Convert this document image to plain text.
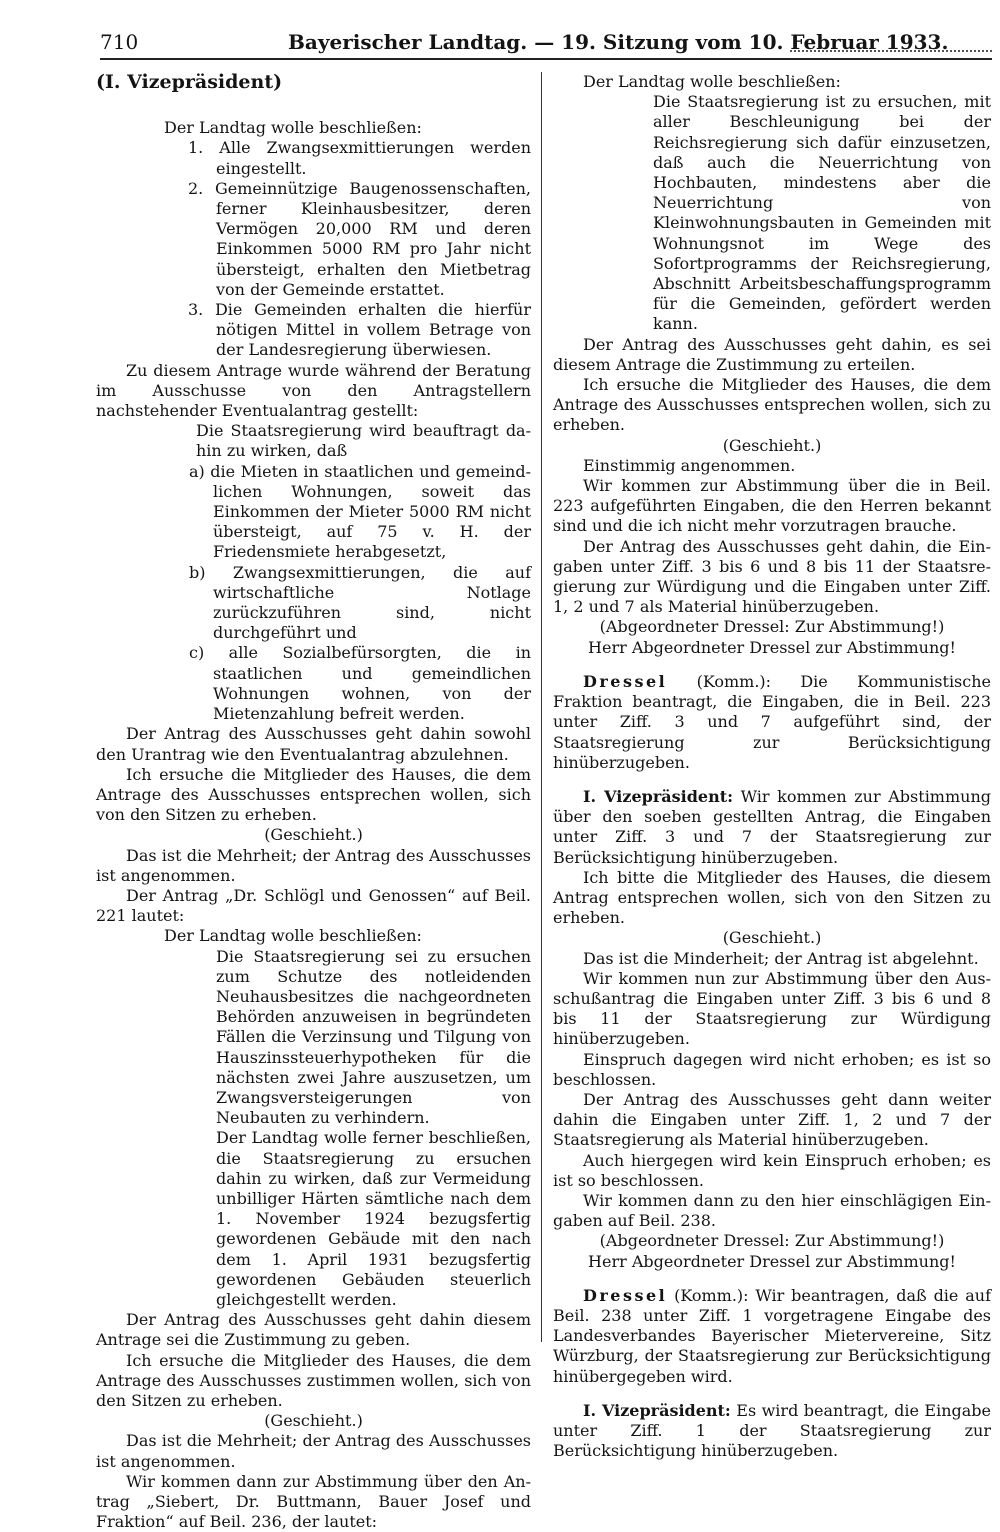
710	Bayerischer Landtag. — 19. Sitzung vom 10. Februar 1933.

(I. Vizepräsident)

Der Landtag wolle beschließen:

1. Alle Zwangsexmittierungen werden eingestellt.

2. Gemeinnützige Baugenossenschaften, ferner Kleinhausbesitzer, deren Vermögen 20,000 RM und deren Einkommen 5000 RM pro Jahr nicht übersteigt, erhalten den Mietbetrag von der Gemeinde erstattet.

3. Die Gemeinden erhalten die hierfür nötigen Mittel in vollem Betrage von der Landesregierung überwiesen.

Zu diesem Antrage wurde während der Beratung im Ausschusse von den Antragstellern nachstehender Eventualantrag gestellt:

Die Staatsregierung wird beauftragt dahin zu wirken, daß

a) die Mieten in staatlichen und gemeindlichen Wohnungen, soweit das Einkommen der Mieter 5000 RM nicht übersteigt, auf 75 v. H. der Friedensmiete herabgesetzt,

b) Zwangsexmittierungen, die auf wirtschaftliche Notlage zurückzuführen sind, nicht durchgeführt und

c) alle Sozialbefürsorgten, die in staatlichen und gemeindlichen Wohnungen wohnen, von der Mietenzahlung befreit werden.

Der Antrag des Ausschusses geht dahin sowohl den Urantrag wie den Eventualantrag abzulehnen.

Ich ersuche die Mitglieder des Hauses, die dem Antrage des Ausschusses entsprechen wollen, sich von den Sitzen zu erheben.

(Geschieht.)

Das ist die Mehrheit; der Antrag des Ausschusses ist angenommen.

Der Antrag „Dr. Schlögl und Genossen“ auf Beil. 221 lautet:

Der Landtag wolle beschließen:

Die Staatsregierung sei zu ersuchen zum Schutze des notleidenden Neuhausbesitzes die nachgeordneten Behörden anzuweisen in begründeten Fällen die Verzinsung und Tilgung von Hauszinssteuerhypotheken für die nächsten zwei Jahre auszusetzen, um Zwangsversteigerungen von Neubauten zu verhindern.

Der Landtag wolle ferner beschließen, die Staatsregierung zu ersuchen dahin zu wirken, daß zur Vermeidung unbilliger Härten sämtliche nach dem 1. November 1924 bezugsfertig gewordenen Gebäude mit den nach dem 1. April 1931 bezugsfertig gewordenen Gebäuden steuerlich gleichgestellt werden.

Der Antrag des Ausschusses geht dahin diesem Antrage sei die Zustimmung zu geben.

Ich ersuche die Mitglieder des Hauses, die dem Antrage des Ausschusses zustimmen wollen, sich von den Sitzen zu erheben.

(Geschieht.)

Das ist die Mehrheit; der Antrag des Ausschusses ist angenommen.

Wir kommen dann zur Abstimmung über den Antrag „Siebert, Dr. Buttmann, Bauer Josef und Fraktion“ auf Beil. 236, der lautet:

Der Landtag wolle beschließen:

Die Staatsregierung ist zu ersuchen, mit aller Beschleunigung bei der Reichsregierung sich dafür einzusetzen, daß auch die Neuerrichtung von Hochbauten, mindestens aber die Neuerrichtung von Kleinwohnungsbauten in Gemeinden mit Wohnungsnot im Wege des Sofortprogramms der Reichsregierung, Abschnitt Arbeitsbeschaffungsprogramm für die Gemeinden, gefördert werden kann.

Der Antrag des Ausschusses geht dahin, es sei diesem Antrage die Zustimmung zu erteilen.

Ich ersuche die Mitglieder des Hauses, die dem Antrage des Ausschusses entsprechen wollen, sich zu erheben.

(Geschieht.)

Einstimmig angenommen.

Wir kommen zur Abstimmung über die in Beil. 223 aufgeführten Eingaben, die den Herren bekannt sind und die ich nicht mehr vorzutragen brauche.

Der Antrag des Ausschusses geht dahin, die Eingaben unter Ziff. 3 bis 6 und 8 bis 11 der Staatsregierung zur Würdigung und die Eingaben unter Ziff. 1, 2 und 7 als Material hinüberzugeben.

(Abgeordneter Dressel: Zur Abstimmung!)

Herr Abgeordneter Dressel zur Abstimmung!

Dressel (Komm.): Die Kommunistische Fraktion beantragt, die Eingaben, die in Beil. 223 unter Ziff. 3 und 7 aufgeführt sind, der Staatsregierung zur Berücksichtigung hinüberzugeben.

I. Vizepräsident: Wir kommen zur Abstimmung über den soeben gestellten Antrag, die Eingaben unter Ziff. 3 und 7 der Staatsregierung zur Berücksichtigung hinüberzugeben.

Ich bitte die Mitglieder des Hauses, die diesem Antrag entsprechen wollen, sich von den Sitzen zu erheben.

(Geschieht.)

Das ist die Minderheit; der Antrag ist abgelehnt.

Wir kommen nun zur Abstimmung über den Ausschußantrag die Eingaben unter Ziff. 3 bis 6 und 8 bis 11 der Staatsregierung zur Würdigung hinüberzugeben.

Einspruch dagegen wird nicht erhoben; es ist so beschlossen.

Der Antrag des Ausschusses geht dann weiter dahin die Eingaben unter Ziff. 1, 2 und 7 der Staatsregierung als Material hinüberzugeben.

Auch hiergegen wird kein Einspruch erhoben; es ist so beschlossen.

Wir kommen dann zu den hier einschlägigen Eingaben auf Beil. 238.

(Abgeordneter Dressel: Zur Abstimmung!)

Herr Abgeordneter Dressel zur Abstimmung!

Dressel (Komm.): Wir beantragen, daß die auf Beil. 238 unter Ziff. 1 vorgetragene Eingabe des Landesverbandes Bayerischer Mietervereine, Sitz Würzburg, der Staatsregierung zur Berücksichtigung hinübergegeben wird.

I. Vizepräsident: Es wird beantragt, die Eingabe unter Ziff. 1 der Staatsregierung zur Berücksichtigung hinüberzugeben.
